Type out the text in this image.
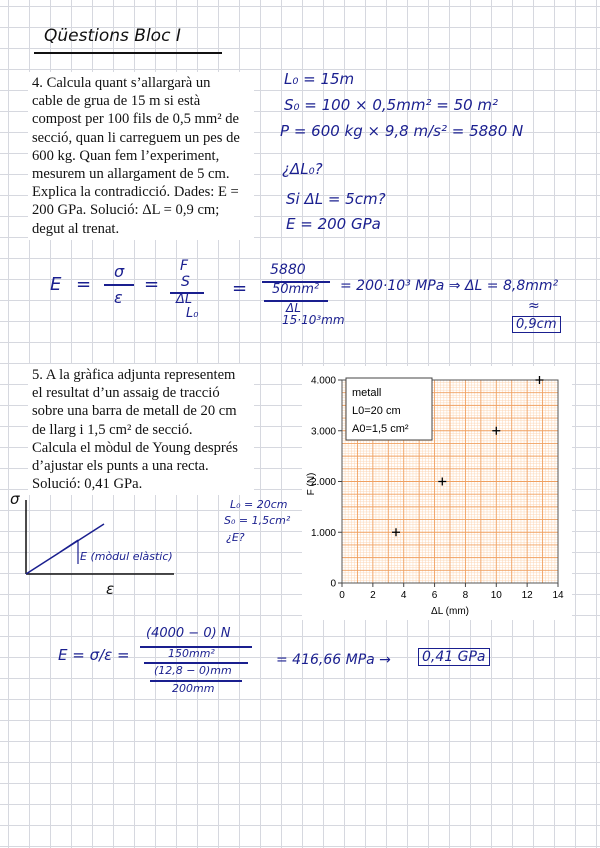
Qüestions Bloc I

4. Calcula quant s’allargarà un

cable de grua de 15 m si està

compost per 100 fils de 0,5 mm² de

secció, quan li carreguem un pes de

600 kg. Quan fem l’experiment,

mesurem un allargament de 5 cm.

Explica la contradicció. Dades: E =

200 GPa. Solució: ΔL = 0,9 cm;

degut al trenat.

L₀ = 15m
S₀ = 100 × 0,5mm² = 50 m²
P = 600 kg × 9,8 m/s² = 5880 N
¿ΔL₀?
Si ΔL = 5cm?
E = 200 GPa
E =
σ
ε
=
F
S
ΔL
L₀
=
5880
50mm²
ΔL
15·10³mm
= 200·10³ MPa ⇒ ΔL = 8,8mm²
≈
0,9cm

5. A la gràfica adjunta representem

el resultat d’un assaig de tracció

sobre una barra de metall de 20 cm

de llarg i 1,5 cm² de secció.

Calcula el mòdul de Young després

d’ajustar els punts a una recta.

Solució: 0,41 GPa.

0	2	4	6	8 10 12 14
0
1.000
2.000
3.000
4.000
ΔL (mm)
F (N)
metall
L0=20 cm
A0=1,5 cm²
σ
ε
E (mòdul elàstic)
L₀ = 20cm
S₀ = 1,5cm²
¿E?
E = σ/ε =
(4000 − 0) N
150mm²
(12,8 − 0)mm
200mm
= 416,66 MPa → 0,41 GPa
